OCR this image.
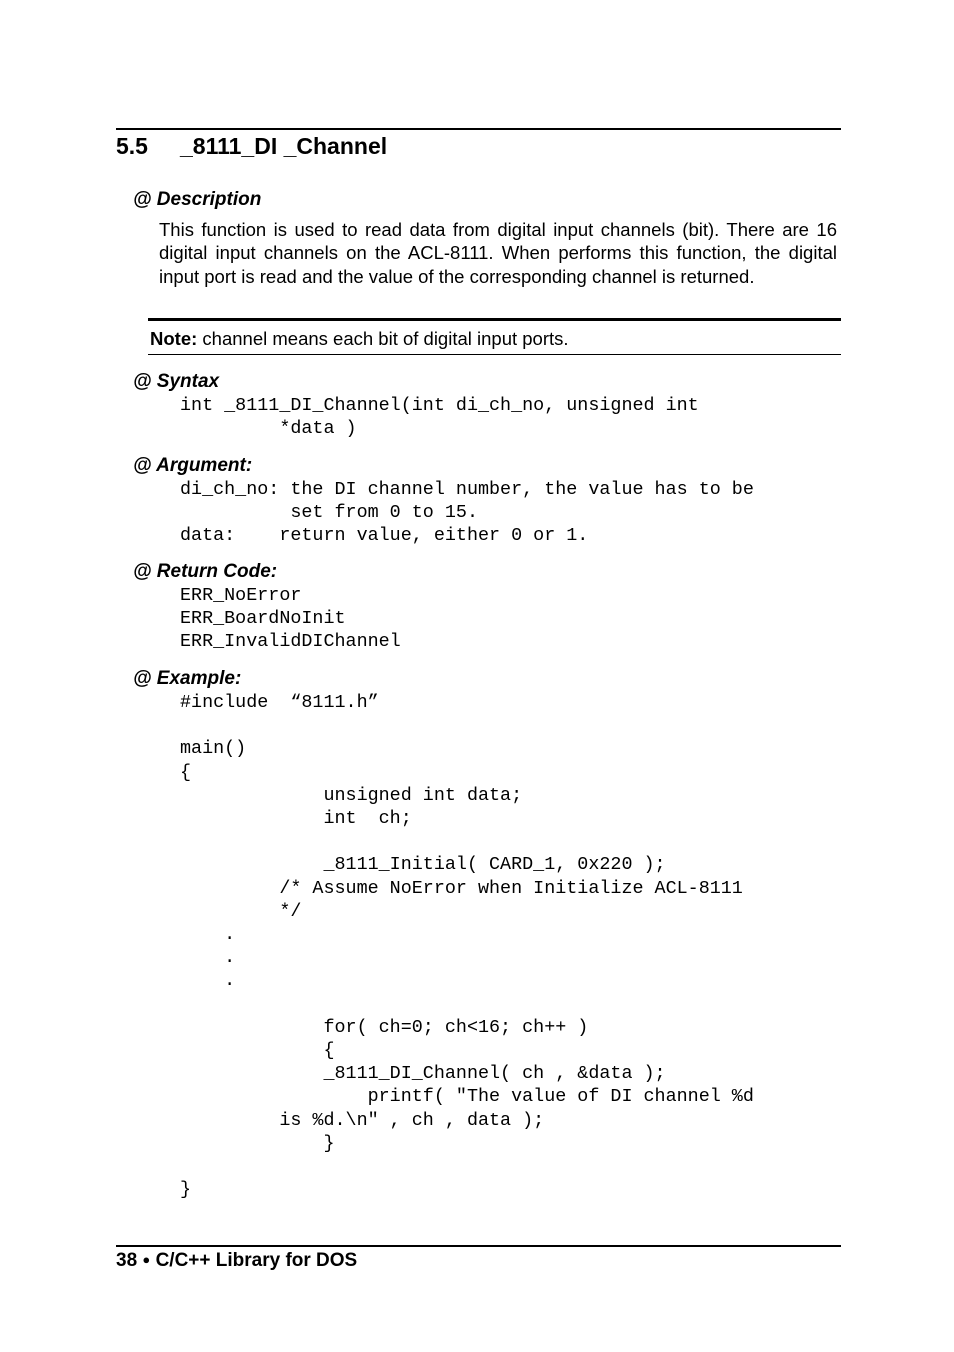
5.5 _8111_DI _Channel
@ Description
This function is used to read data from digital input channels (bit). There are 16 digital input channels on the ACL-8111. When performs this function, the digital input port is read and the value of the corresponding channel is returned.
Note: channel means each bit of digital input ports.
@ Syntax
int _8111_DI_Channel(int di_ch_no, unsigned int
*data )
@ Argument:
di_ch_no: the DI channel number, the value has to be
set from 0 to 15.
data:    return value, either 0 or 1.
@ Return Code:
ERR_NoError
ERR_BoardNoInit
ERR_InvalidDIChannel
@ Example:
#include  “8111.h”

main()
{
unsigned int data;
int  ch;

_8111_Initial( CARD_1, 0x220 );
/* Assume NoError when Initialize ACL-8111
*/
.
.
.

for( ch=0; ch<16; ch++ )
{
_8111_DI_Channel( ch , &data );
printf( "The value of DI channel %d
is %d.\n" , ch , data );
}

}
38 ● C/C++ Library for DOS
